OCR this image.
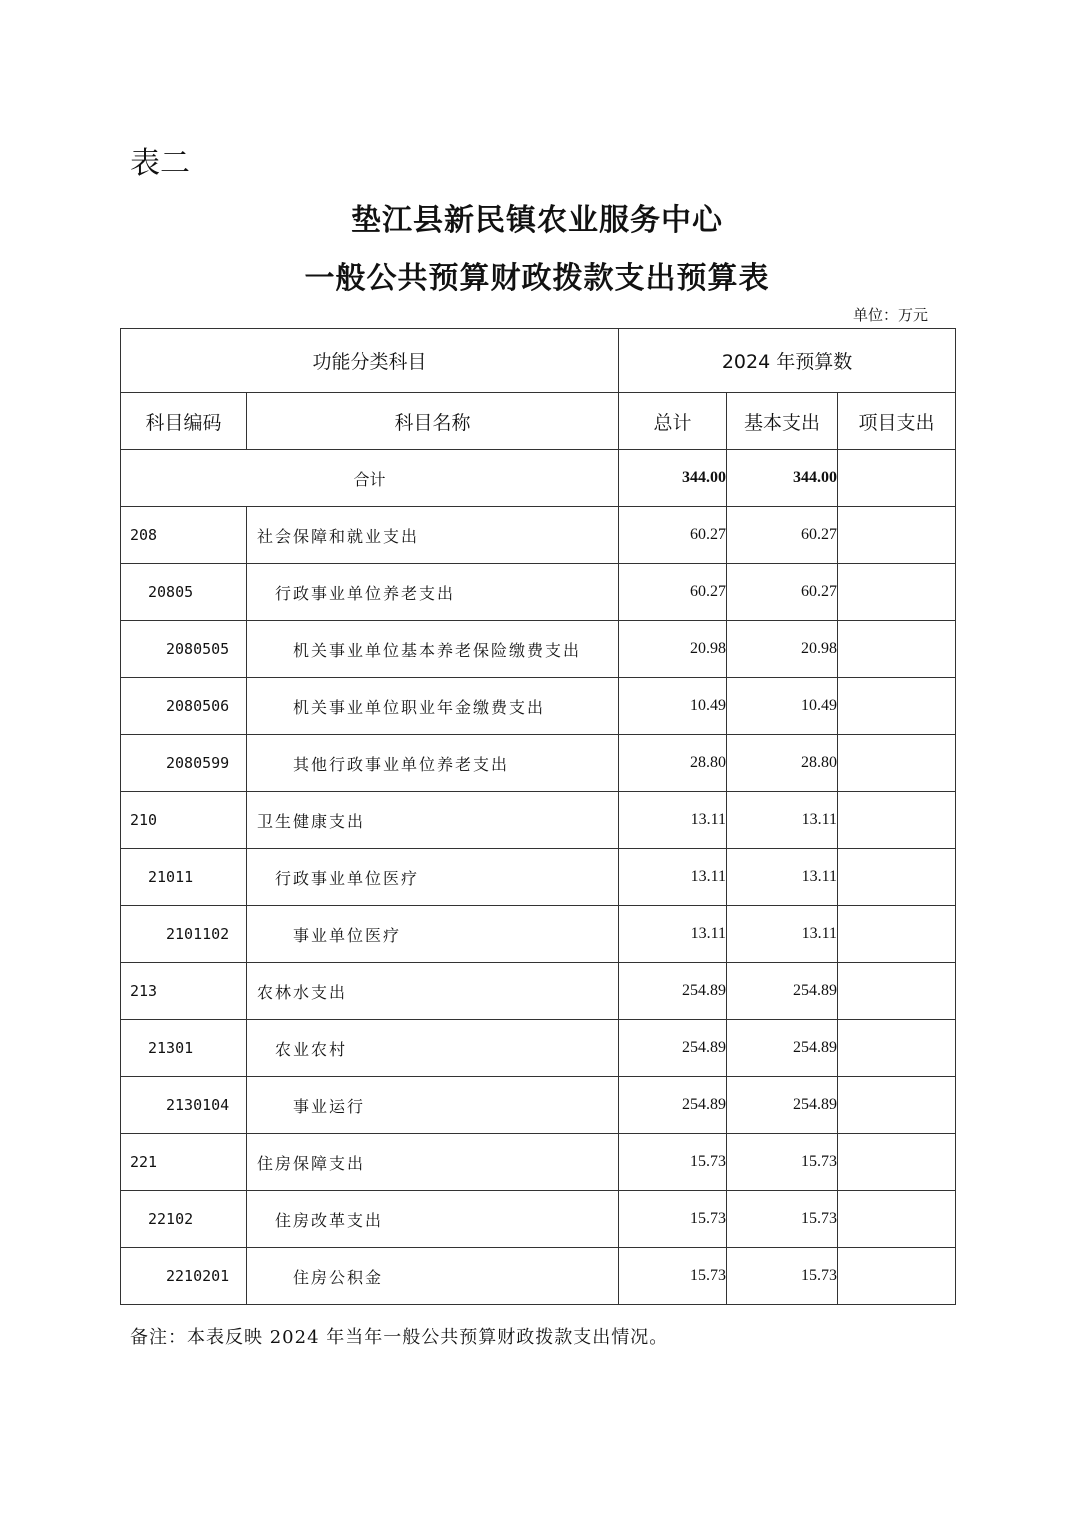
表二
垫江县新民镇农业服务中心
一般公共预算财政拨款支出预算表
单位：万元
功能分类科目		2024 年预算数		
科目编码	科目名称	总计	基本支出	项目支出
合计		344.00	344.00	
208	社会保障和就业支出	60.27	60.27	
20805	行政事业单位养老支出	60.27	60.27	
2080505	机关事业单位基本养老保险缴费支出	20.98	20.98	
2080506	机关事业单位职业年金缴费支出	10.49	10.49	
2080599	其他行政事业单位养老支出	28.80	28.80	
210	卫生健康支出	13.11	13.11	
21011	行政事业单位医疗	13.11	13.11	
2101102	事业单位医疗	13.11	13.11	
213	农林水支出	254.89	254.89	
21301	农业农村	254.89	254.89	
2130104	事业运行	254.89	254.89	
221	住房保障支出	15.73	15.73	
22102	住房改革支出	15.73	15.73	
2210201	住房公积金	15.73	15.73	
备注：本表反映 2024 年当年一般公共预算财政拨款支出情况。
